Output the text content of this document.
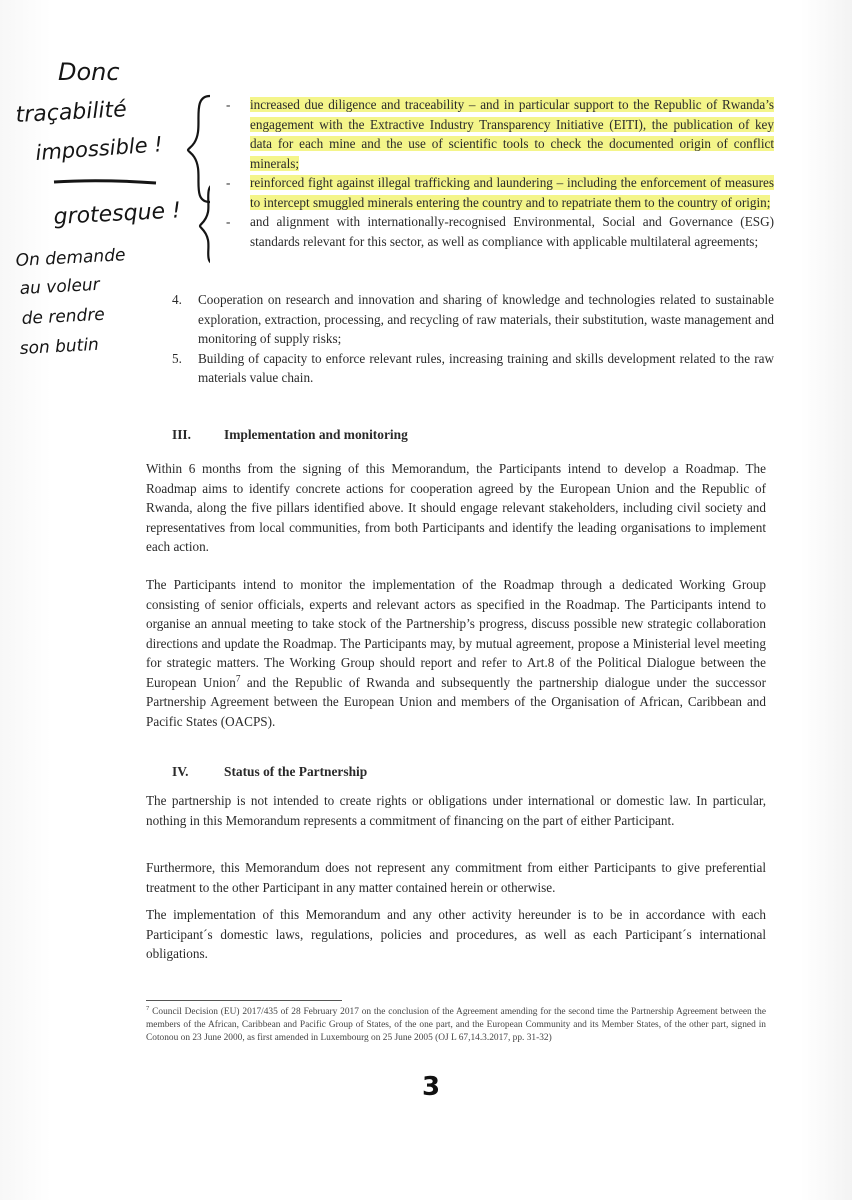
Donc
traçabilité
impossible !
grotesque !
On demande
au voleur
de rendre
son butin

- increased due diligence and traceability – and in particular support to the Republic of Rwanda’s engagement with the Extractive Industry Transparency Initiative (EITI), the publication of key data for each mine and the use of scientific tools to check the documented origin of conflict minerals;

- reinforced fight against illegal trafficking and laundering – including the enforcement of measures to intercept smuggled minerals entering the country and to repatriate them to the country of origin;

- and alignment with internationally-recognised Environmental, Social and Governance (ESG) standards relevant for this sector, as well as compliance with applicable multilateral agreements;

4. Cooperation on research and innovation and sharing of knowledge and technologies related to sustainable exploration, extraction, processing, and recycling of raw materials, their substitution, waste management and monitoring of supply risks;

5. Building of capacity to enforce relevant rules, increasing training and skills development related to the raw materials value chain.

III. Implementation and monitoring

Within 6 months from the signing of this Memorandum, the Participants intend to develop a Roadmap. The Roadmap aims to identify concrete actions for cooperation agreed by the European Union and the Republic of Rwanda, along the five pillars identified above. It should engage relevant stakeholders, including civil society and representatives from local communities, from both Participants and identify the leading organisations to implement each action.

The Participants intend to monitor the implementation of the Roadmap through a dedicated Working Group consisting of senior officials, experts and relevant actors as specified in the Roadmap. The Participants intend to organise an annual meeting to take stock of the Partnership’s progress, discuss possible new strategic collaboration directions and update the Roadmap. The Participants may, by mutual agreement, propose a Ministerial level meeting for strategic matters. The Working Group should report and refer to Art.8 of the Political Dialogue between the European Union$^7$ and the Republic of Rwanda and subsequently the partnership dialogue under the successor Partnership Agreement between the European Union and members of the Organisation of African, Caribbean and Pacific States (OACPS).

IV.	Status of the Partnership

The partnership is not intended to create rights or obligations under international or domestic law. In particular, nothing in this Memorandum represents a commitment of financing on the part of either Participant.

Furthermore, this Memorandum does not represent any commitment from either Participants to give preferential treatment to the other Participant in any matter contained herein or otherwise.

The implementation of this Memorandum and any other activity hereunder is to be in accordance with each Participant´s domestic laws, regulations, policies and procedures, as well as each Participant´s international obligations.

$^7$ Council Decision (EU) 2017/435 of 28 February 2017 on the conclusion of the Agreement amending for the second time the Partnership Agreement between the members of the African, Caribbean and Pacific Group of States, of the one part, and the European Community and its Member States, of the other part, signed in Cotonou on 23 June 2000, as first amended in Luxembourg on 25 June 2005 (OJ L 67,14.3.2017, pp. 31-32)

3
